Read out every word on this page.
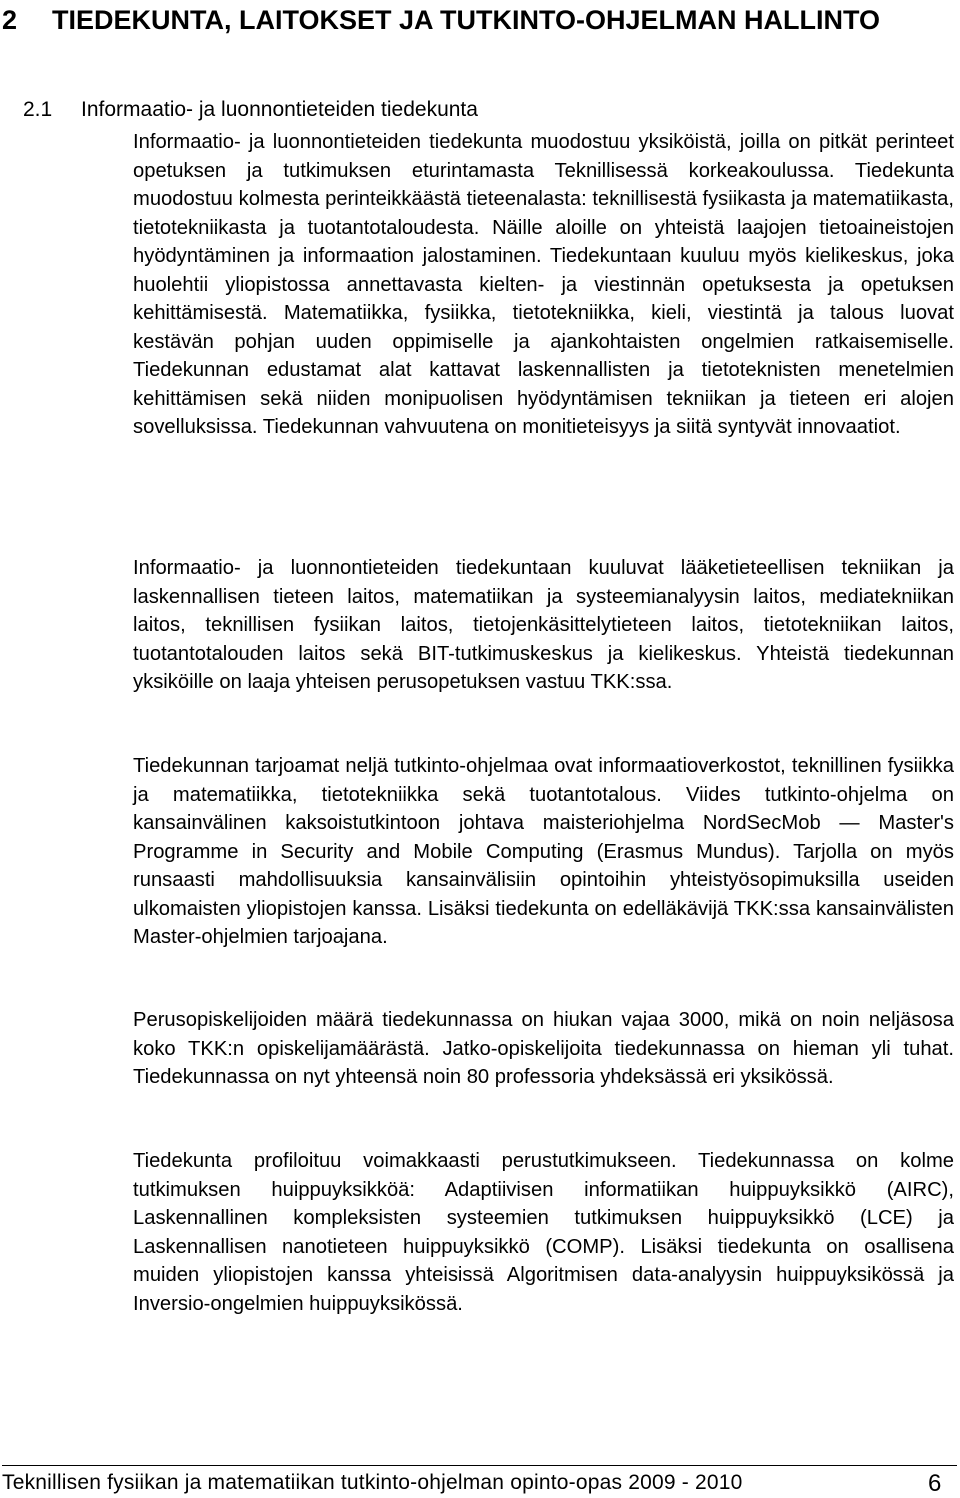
2 TIEDEKUNTA, LAITOKSET JA TUTKINTO-OHJELMAN HALLINTO
2.1 Informaatio- ja luonnontieteiden tiedekunta

Informaatio- ja luonnontieteiden tiedekunta muodostuu yksiköistä, joilla on pitkät perinteet opetuksen ja tutkimuksen eturintamasta Teknillisessä korkeakoulussa. Tiedekunta muodostuu kolmesta perinteikkäästä tieteenalasta: teknillisestä fysiikasta ja matematiikasta, tietotekniikasta ja tuotantotaloudesta. Näille aloille on yhteistä laajojen tietoaineistojen hyödyntäminen ja informaation jalostaminen. Tiedekuntaan kuuluu myös kielikeskus, joka huolehtii yliopistossa annettavasta kielten- ja viestinnän opetuksesta ja opetuksen kehittämisestä. Matematiikka, fysiikka, tietotekniikka, kieli, viestintä ja talous luovat kestävän pohjan uuden oppimiselle ja ajankohtaisten ongelmien ratkaisemiselle. Tiedekunnan edustamat alat kattavat laskennallisten ja tietoteknisten menetelmien kehittämisen sekä niiden monipuolisen hyödyntämisen tekniikan ja tieteen eri alojen sovelluksissa. Tiedekunnan vahvuutena on monitieteisyys ja siitä syntyvät innovaatiot.

Informaatio- ja luonnontieteiden tiedekuntaan kuuluvat lääketieteellisen tekniikan ja laskennallisen tieteen laitos, matematiikan ja systeemianalyysin laitos, mediatekniikan laitos, teknillisen fysiikan laitos, tietojenkäsittelytieteen laitos, tietotekniikan laitos, tuotantotalouden laitos sekä BIT-tutkimuskeskus ja kielikeskus. Yhteistä tiedekunnan yksiköille on laaja yhteisen perusopetuksen vastuu TKK:ssa.

Tiedekunnan tarjoamat neljä tutkinto-ohjelmaa ovat informaatioverkostot, teknillinen fysiikka ja matematiikka, tietotekniikka sekä tuotantotalous. Viides tutkinto-ohjelma on kansainvälinen kaksoistutkintoon johtava maisteriohjelma NordSecMob — Master's Programme in Security and Mobile Computing (Erasmus Mundus). Tarjolla on myös runsaasti mahdollisuuksia kansainvälisiin opintoihin yhteistyösopimuksilla useiden ulkomaisten yliopistojen kanssa. Lisäksi tiedekunta on edelläkävijä TKK:ssa kansainvälisten Master-ohjelmien tarjoajana.

Perusopiskelijoiden määrä tiedekunnassa on hiukan vajaa 3000, mikä on noin neljäsosa koko TKK:n opiskelijamäärästä. Jatko-opiskelijoita tiedekunnassa on hieman yli tuhat. Tiedekunnassa on nyt yhteensä noin 80 professoria yhdeksässä eri yksikössä.

Tiedekunta profiloituu voimakkaasti perustutkimukseen. Tiedekunnassa on kolme tutkimuksen huippuyksikköä: Adaptiivisen informatiikan huippuyksikkö (AIRC), Laskennallinen kompleksisten systeemien tutkimuksen huippuyksikkö (LCE) ja Laskennallisen nanotieteen huippuyksikkö (COMP). Lisäksi tiedekunta on osallisena muiden yliopistojen kanssa yhteisissä Algoritmisen data-analyysin huippuyksikössä ja Inversio-ongelmien huippuyksikössä.

Teknillisen fysiikan ja matematiikan tutkinto-ohjelman opinto-opas 2009 - 2010	6
